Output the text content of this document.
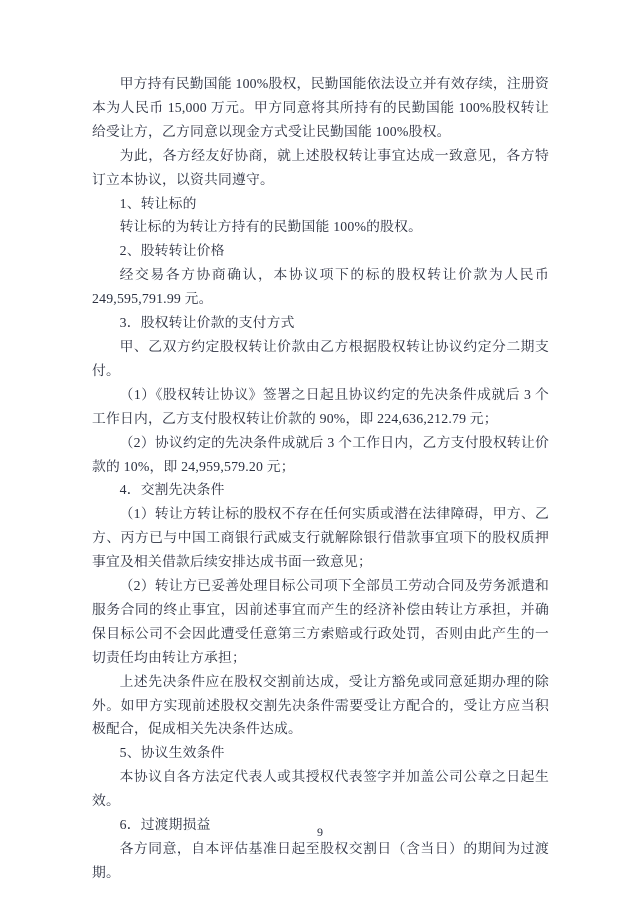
甲方持有民勤国能 100%股权，民勤国能依法设立并有效存续，注册资本为人民币 15,000 万元。甲方同意将其所持有的民勤国能 100%股权转让给受让方，乙方同意以现金方式受让民勤国能 100%股权。

为此，各方经友好协商，就上述股权转让事宜达成一致意见，各方特订立本协议，以资共同遵守。

1、转让标的

转让标的为转让方持有的民勤国能 100%的股权。

2、股转转让价格

经交易各方协商确认，本协议项下的标的股权转让价款为人民币 249,595,791.99 元。

3．股权转让价款的支付方式

甲、乙双方约定股权转让价款由乙方根据股权转让协议约定分二期支付。

（1）《股权转让协议》签署之日起且协议约定的先决条件成就后 3 个工作日内，乙方支付股权转让价款的 90%，即 224,636,212.79 元；

（2）协议约定的先决条件成就后 3 个工作日内，乙方支付股权转让价款的 10%，即 24,959,579.20 元；

4．交割先决条件

（1）转让方转让标的股权不存在任何实质或潜在法律障碍，甲方、乙方、丙方已与中国工商银行武威支行就解除银行借款事宜项下的股权质押事宜及相关借款后续安排达成书面一致意见；

（2）转让方已妥善处理目标公司项下全部员工劳动合同及劳务派遣和服务合同的终止事宜，因前述事宜而产生的经济补偿由转让方承担，并确保目标公司不会因此遭受任意第三方索赔或行政处罚，否则由此产生的一切责任均由转让方承担；

上述先决条件应在股权交割前达成，受让方豁免或同意延期办理的除外。如甲方实现前述股权交割先决条件需要受让方配合的，受让方应当积极配合，促成相关先决条件达成。

5、协议生效条件

本协议自各方法定代表人或其授权代表签字并加盖公司公章之日起生效。

6．过渡期损益

各方同意，自本评估基准日起至股权交割日（含当日）的期间为过渡期。

9
